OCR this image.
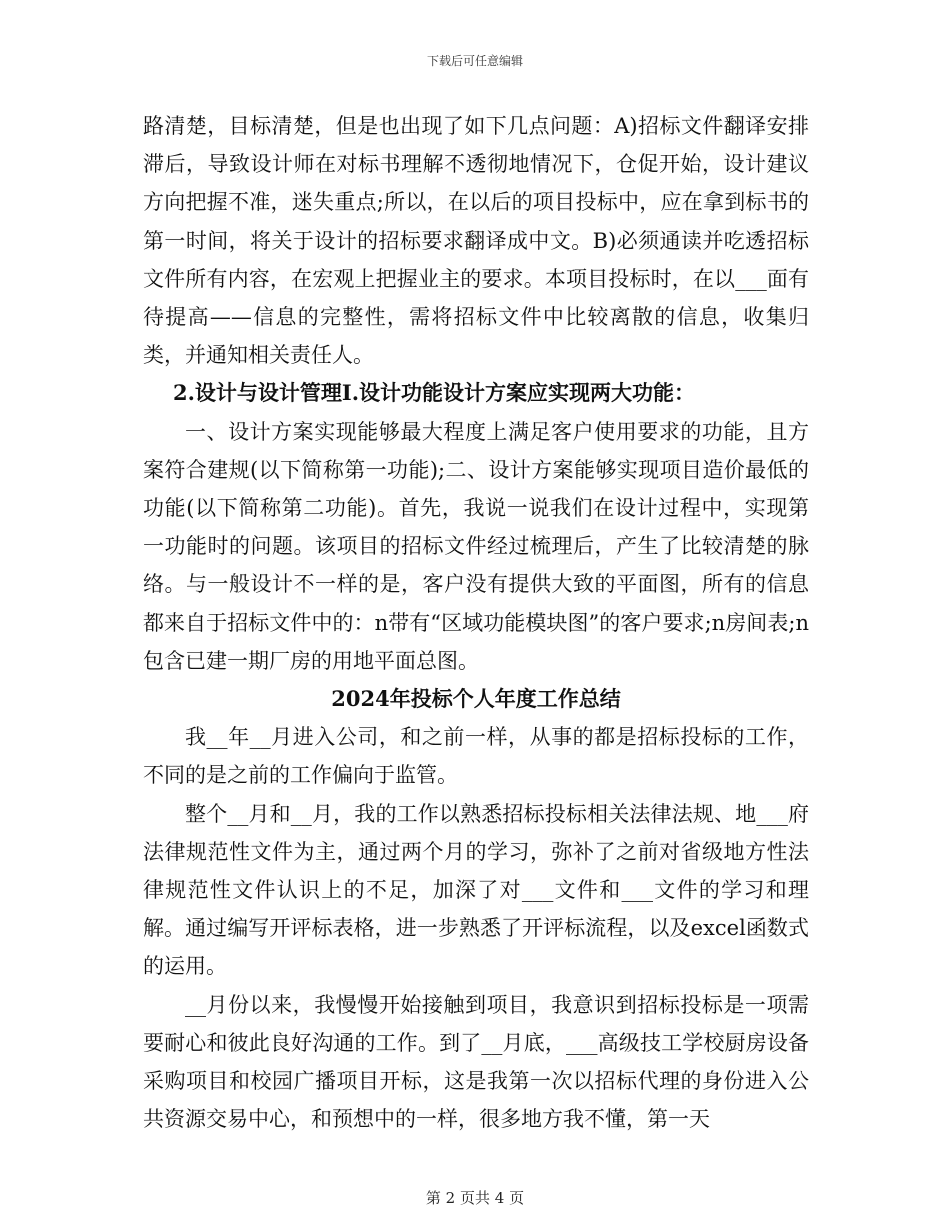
下载后可任意编辑

路清楚，目标清楚，但是也出现了如下几点问题：A)招标文件翻译安排滞后，导致设计师在对标书理解不透彻地情况下，仓促开始，设计建议方向把握不准，迷失重点;所以，在以后的项目投标中，应在拿到标书的第一时间，将关于设计的招标要求翻译成中文。B)必须通读并吃透招标文件所有内容，在宏观上把握业主的要求。本项目投标时，在以___面有待提高——信息的完整性，需将招标文件中比较离散的信息，收集归类，并通知相关责任人。

2.设计与设计管理I.设计功能设计方案应实现两大功能：

一、设计方案实现能够最大程度上满足客户使用要求的功能，且方案符合建规(以下简称第一功能);二、设计方案能够实现项目造价最低的功能(以下简称第二功能)。首先，我说一说我们在设计过程中，实现第一功能时的问题。该项目的招标文件经过梳理后，产生了比较清楚的脉络。与一般设计不一样的是，客户没有提供大致的平面图，所有的信息都来自于招标文件中的：n带有“区域功能模块图”的客户要求;n房间表;n包含已建一期厂房的用地平面总图。

2024年投标个人年度工作总结

我__年__月进入公司，和之前一样，从事的都是招标投标的工作，不同的是之前的工作偏向于监管。

整个__月和__月，我的工作以熟悉招标投标相关法律法规、地___府法律规范性文件为主，通过两个月的学习，弥补了之前对省级地方性法律规范性文件认识上的不足，加深了对___文件和___文件的学习和理解。通过编写开评标表格，进一步熟悉了开评标流程，以及excel函数式的运用。

__月份以来，我慢慢开始接触到项目，我意识到招标投标是一项需要耐心和彼此良好沟通的工作。到了__月底，___高级技工学校厨房设备采购项目和校园广播项目开标，这是我第一次以招标代理的身份进入公共资源交易中心，和预想中的一样，很多地方我不懂，第一天

第 2 页共 4 页
